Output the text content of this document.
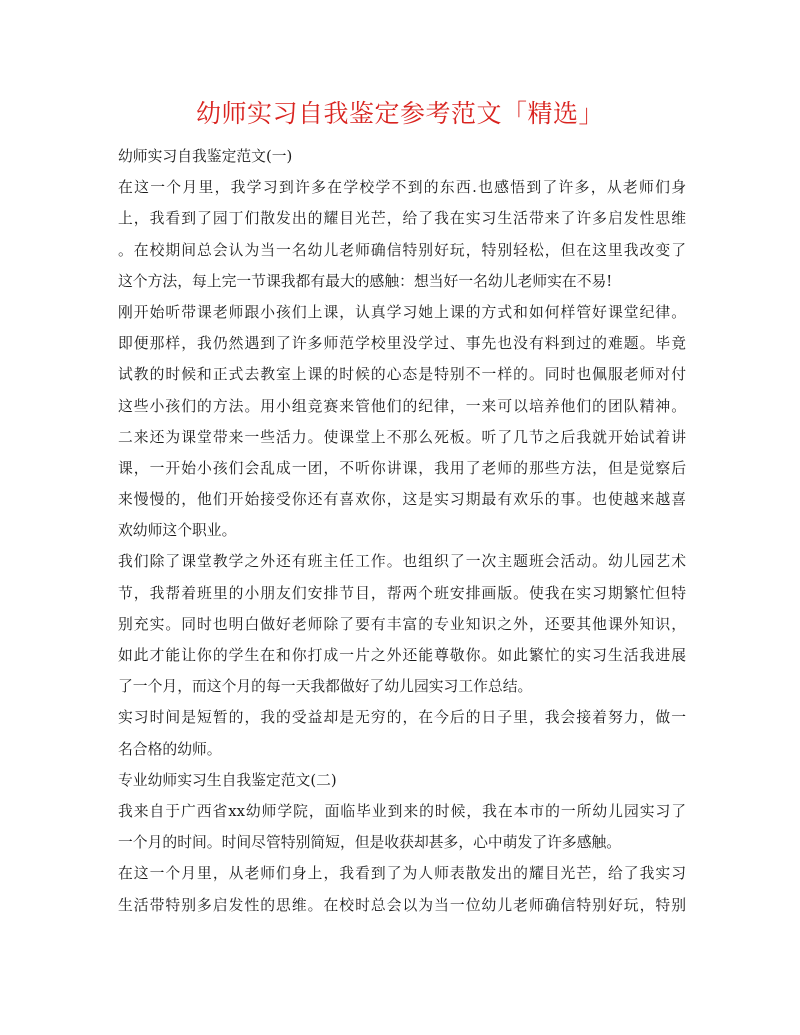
幼师实习自我鉴定参考范文「精选」
幼师实习自我鉴定范文(一)
在这一个月里，我学习到许多在学校学不到的东西.也感悟到了许多，从老师们身
上，我看到了园丁们散发出的耀目光芒，给了我在实习生活带来了许多启发性思维
。在校期间总会认为当一名幼儿老师确信特别好玩，特别轻松，但在这里我改变了
这个方法，每上完一节课我都有最大的感触：想当好一名幼儿老师实在不易!
刚开始听带课老师跟小孩们上课，认真学习她上课的方式和如何样管好课堂纪律。
即便那样，我仍然遇到了许多师范学校里没学过、事先也没有料到过的难题。毕竟
试教的时候和正式去教室上课的时候的心态是特别不一样的。同时也佩服老师对付
这些小孩们的方法。用小组竞赛来管他们的纪律，一来可以培养他们的团队精神。
二来还为课堂带来一些活力。使课堂上不那么死板。听了几节之后我就开始试着讲
课，一开始小孩们会乱成一团，不听你讲课，我用了老师的那些方法，但是觉察后
来慢慢的，他们开始接受你还有喜欢你，这是实习期最有欢乐的事。也使越来越喜
欢幼师这个职业。
我们除了课堂教学之外还有班主任工作。也组织了一次主题班会活动。幼儿园艺术
节，我帮着班里的小朋友们安排节目，帮两个班安排画版。使我在实习期繁忙但特
别充实。同时也明白做好老师除了要有丰富的专业知识之外，还要其他课外知识，
如此才能让你的学生在和你打成一片之外还能尊敬你。如此繁忙的实习生活我进展
了一个月，而这个月的每一天我都做好了幼儿园实习工作总结。
实习时间是短暂的，我的受益却是无穷的，在今后的日子里，我会接着努力，做一
名合格的幼师。
专业幼师实习生自我鉴定范文(二)
我来自于广西省xx幼师学院，面临毕业到来的时候，我在本市的一所幼儿园实习了
一个月的时间。时间尽管特别简短，但是收获却甚多，心中萌发了许多感触。
在这一个月里，从老师们身上，我看到了为人师表散发出的耀目光芒，给了我实习
生活带特别多启发性的思维。在校时总会以为当一位幼儿老师确信特别好玩，特别
